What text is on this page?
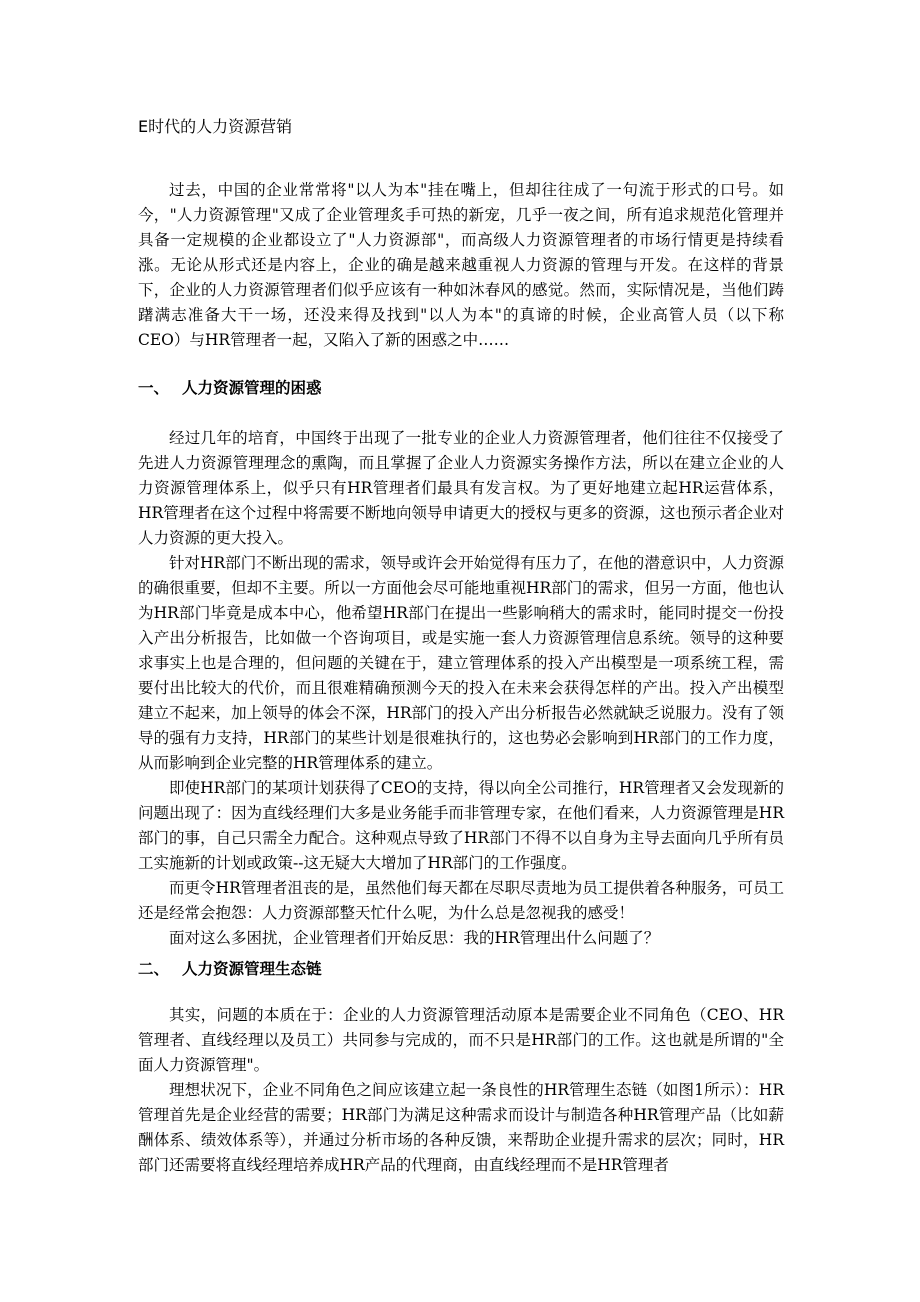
E时代的人力资源营销

过去，中国的企业常常将"以人为本"挂在嘴上，但却往往成了一句流于形式的口号。如今，"人力资源管理"又成了企业管理炙手可热的新宠，几乎一夜之间，所有追求规范化管理并具备一定规模的企业都设立了"人力资源部"，而高级人力资源管理者的市场行情更是持续看涨。无论从形式还是内容上，企业的确是越来越重视人力资源的管理与开发。在这样的背景下，企业的人力资源管理者们似乎应该有一种如沐春风的感觉。然而，实际情况是，当他们踌躇满志准备大干一场，还没来得及找到"以人为本"的真谛的时候，企业高管人员（以下称CEO）与HR管理者一起，又陷入了新的困惑之中……

一、 人力资源管理的困惑

经过几年的培育，中国终于出现了一批专业的企业人力资源管理者，他们往往不仅接受了先进人力资源管理理念的熏陶，而且掌握了企业人力资源实务操作方法，所以在建立企业的人力资源管理体系上，似乎只有HR管理者们最具有发言权。为了更好地建立起HR运营体系，HR管理者在这个过程中将需要不断地向领导申请更大的授权与更多的资源，这也预示者企业对人力资源的更大投入。

针对HR部门不断出现的需求，领导或许会开始觉得有压力了，在他的潜意识中，人力资源的确很重要，但却不主要。所以一方面他会尽可能地重视HR部门的需求，但另一方面，他也认为HR部门毕竟是成本中心，他希望HR部门在提出一些影响稍大的需求时，能同时提交一份投入产出分析报告，比如做一个咨询项目，或是实施一套人力资源管理信息系统。领导的这种要求事实上也是合理的，但问题的关键在于，建立管理体系的投入产出模型是一项系统工程，需要付出比较大的代价，而且很难精确预测今天的投入在未来会获得怎样的产出。投入产出模型建立不起来，加上领导的体会不深，HR部门的投入产出分析报告必然就缺乏说服力。没有了领导的强有力支持，HR部门的某些计划是很难执行的，这也势必会影响到HR部门的工作力度，从而影响到企业完整的HR管理体系的建立。

即使HR部门的某项计划获得了CEO的支持，得以向全公司推行，HR管理者又会发现新的问题出现了：因为直线经理们大多是业务能手而非管理专家，在他们看来，人力资源管理是HR部门的事，自己只需全力配合。这种观点导致了HR部门不得不以自身为主导去面向几乎所有员工实施新的计划或政策--这无疑大大增加了HR部门的工作强度。

而更令HR管理者沮丧的是，虽然他们每天都在尽职尽责地为员工提供着各种服务，可员工还是经常会抱怨：人力资源部整天忙什么呢，为什么总是忽视我的感受！

面对这么多困扰，企业管理者们开始反思：我的HR管理出什么问题了？

二、 人力资源管理生态链

其实，问题的本质在于：企业的人力资源管理活动原本是需要企业不同角色（CEO、HR管理者、直线经理以及员工）共同参与完成的，而不只是HR部门的工作。这也就是所谓的"全面人力资源管理"。

理想状况下，企业不同角色之间应该建立起一条良性的HR管理生态链（如图1所示）：HR管理首先是企业经营的需要；HR部门为满足这种需求而设计与制造各种HR管理产品（比如薪酬体系、绩效体系等），并通过分析市场的各种反馈，来帮助企业提升需求的层次；同时，HR部门还需要将直线经理培养成HR产品的代理商，由直线经理而不是HR管理者
